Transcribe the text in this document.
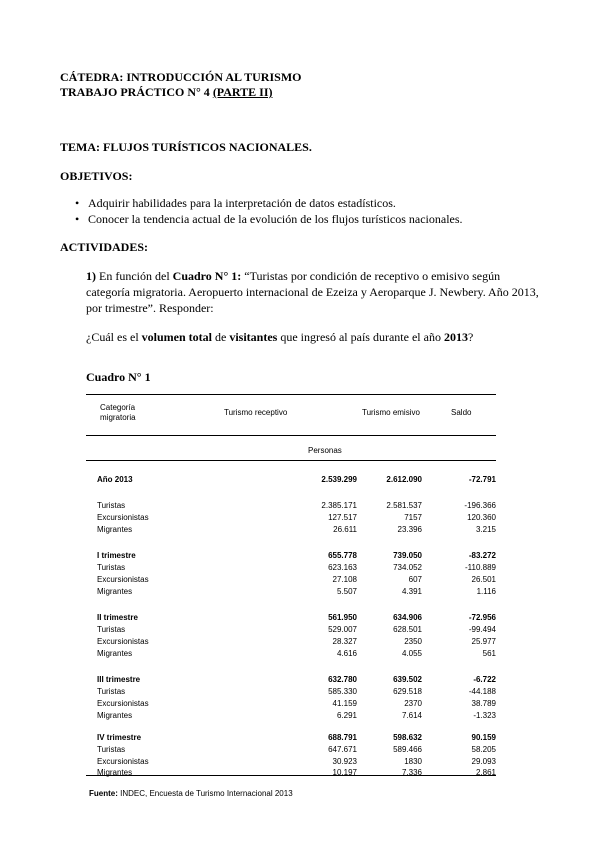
CÁTEDRA: INTRODUCCIÓN AL TURISMO
TRABAJO PRÁCTICO N° 4 (PARTE II)
TEMA: FLUJOS TURÍSTICOS NACIONALES.
OBJETIVOS:
• Adquirir habilidades para la interpretación de datos estadísticos.
• Conocer la tendencia actual de la evolución de los flujos turísticos nacionales.
ACTIVIDADES:
1) En función del Cuadro N° 1: “Turistas por condición de receptivo o emisivo según categoría migratoria. Aeropuerto internacional de Ezeiza y Aeroparque J. Newbery. Año 2013, por trimestre”. Responder:
¿Cuál es el volumen total de visitantes que ingresó al país durante el año 2013?
Cuadro N° 1
Categoría
migratoria
Turismo receptivo	Turismo emisivo	Saldo
Personas
Año 2013	2.539.299	2.612.090	-72.791
Turistas	2.385.171	2.581.537	-196.366
Excursionistas	127.517	7157	120.360
Migrantes	26.611	23.396	3.215
I trimestre	655.778	739.050	-83.272
Turistas	623.163	734.052	-110.889
Excursionistas	27.108	607	26.501
Migrantes	5.507	4.391	1.116
II trimestre	561.950	634.906	-72.956
Turistas	529.007	628.501	-99.494
Excursionistas	28.327	2350	25.977
Migrantes	4.616	4.055	561
III trimestre	632.780	639.502	-6.722
Turistas	585.330	629.518	-44.188
Excursionistas	41.159	2370	38.789
Migrantes	6.291	7.614	-1.323
IV trimestre	688.791	598.632	90.159
Turistas	647.671	589.466	58.205
Excursionistas	30.923	1830	29.093
Migrantes	10.197	7.336	2.861
Fuente: INDEC, Encuesta de Turismo Internacional 2013
